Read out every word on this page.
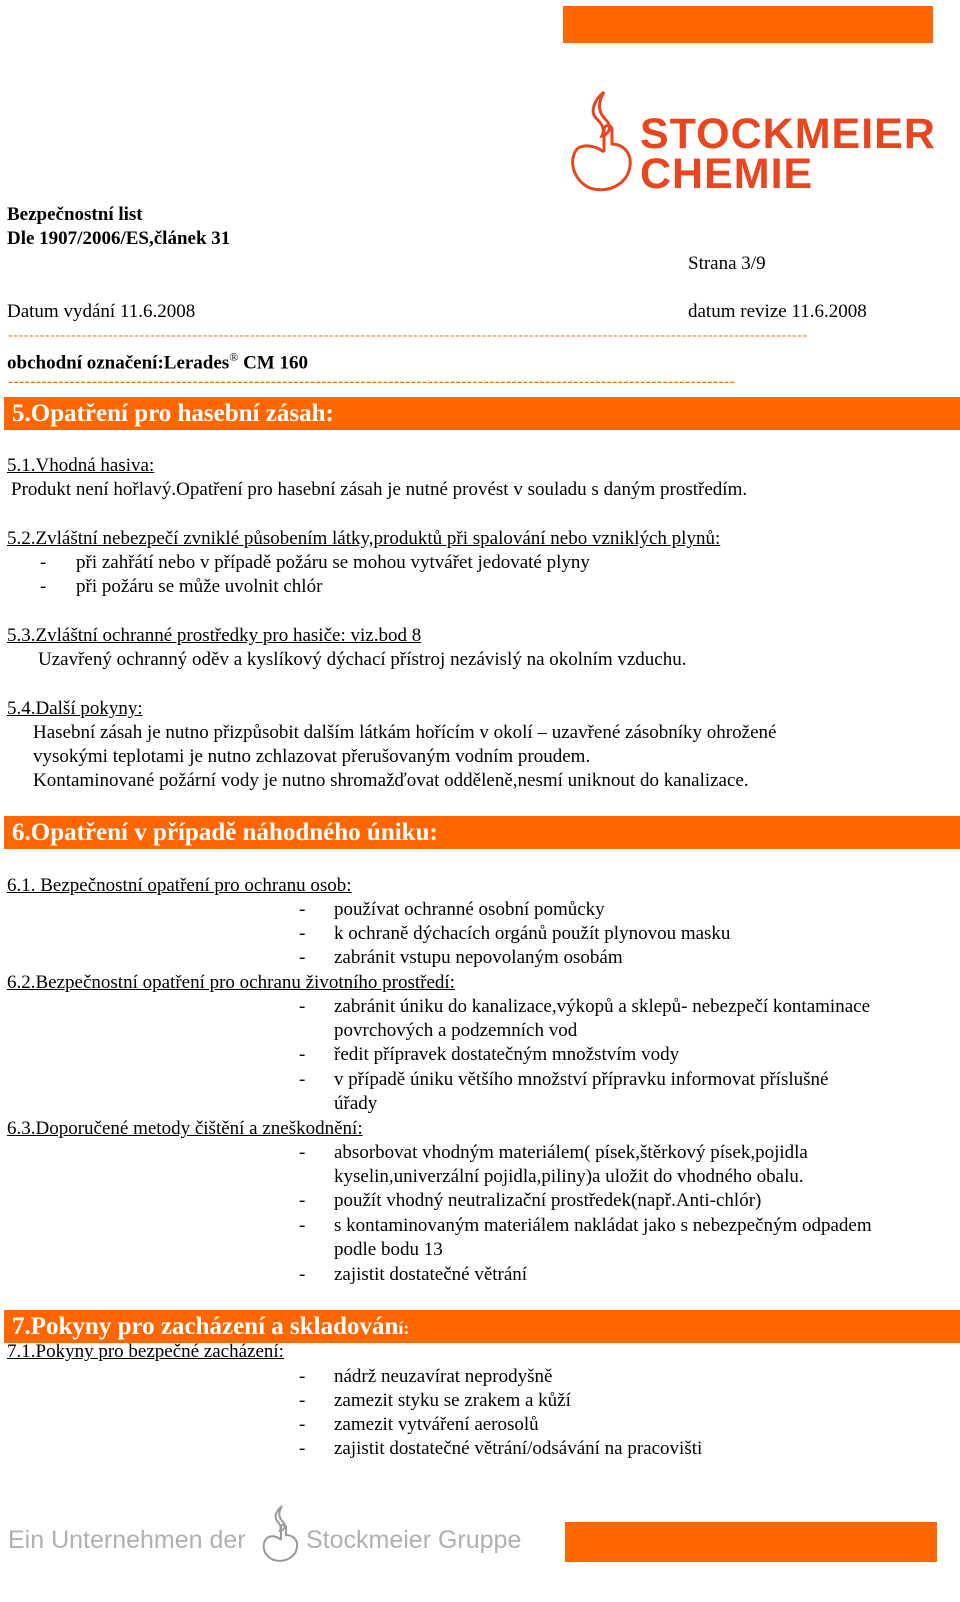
STOCKMEIER
CHEMIE
Bezpečnostní list
Dle 1907/2006/ES,článek 31
Strana 3/9
Datum vydání 11.6.2008	datum revize 11.6.2008
--------------------------------------------------------------------------------------------------------------------------------------------------------
obchodní označení:Lerades® CM 160
----------------------------------------------------------------------------------------------------------------------------------
5.Opatření pro hasební zásah:
5.1.Vhodná hasiva:
Produkt není hořlavý.Opatření pro hasební zásah je nutné provést v souladu s daným prostředím.
5.2.Zvláštní nebezpečí zvniklé působením látky,produktů při spalování nebo vzniklých plynů:
- při zahřátí nebo v případě požáru se mohou vytvářet jedovaté plyny
- při požáru se může uvolnit chlór
5.3.Zvláštní ochranné prostředky pro hasiče: viz.bod 8
Uzavřený ochranný oděv a kyslíkový dýchací přístroj nezávislý na okolním vzduchu.
5.4.Další pokyny:
Hasební zásah je nutno přizpůsobit dalším látkám hořícím v okolí – uzavřené zásobníky ohrožené
vysokými teplotami je nutno zchlazovat přerušovaným vodním proudem.
Kontaminované požární vody je nutno shromažďovat odděleně,nesmí uniknout do kanalizace.
6.Opatření v případě náhodného úniku:
6.1. Bezpečnostní opatření pro ochranu osob:
- používat ochranné osobní pomůcky
- k ochraně dýchacích orgánů použít plynovou masku
- zabránit vstupu nepovolaným osobám
6.2.Bezpečnostní opatření pro ochranu životního prostředí:
- zabránit úniku do kanalizace,výkopů a sklepů- nebezpečí kontaminace
povrchových a podzemních vod
- ředit přípravek dostatečným množstvím vody
- v případě úniku většího množství přípravku informovat příslušné
úřady
6.3.Doporučené metody čištění a zneškodnění:
- absorbovat vhodným materiálem( písek,štěrkový písek,pojidla
kyselin,univerzální pojidla,piliny)a uložit do vhodného obalu.
- použít vhodný neutralizační prostředek(např.Anti-chlór)
- s kontaminovaným materiálem nakládat jako s nebezpečným odpadem
podle bodu 13
- zajistit dostatečné větrání
7.Pokyny pro zacházení a skladování:
7.1.Pokyny pro bezpečné zacházení:
- nádrž neuzavírat neprodyšně
- zamezit styku se zrakem a kůží
- zamezit vytváření aerosolů
- zajistit dostatečné větrání/odsávání na pracovišti
Ein Unternehmen der Stockmeier Gruppe
